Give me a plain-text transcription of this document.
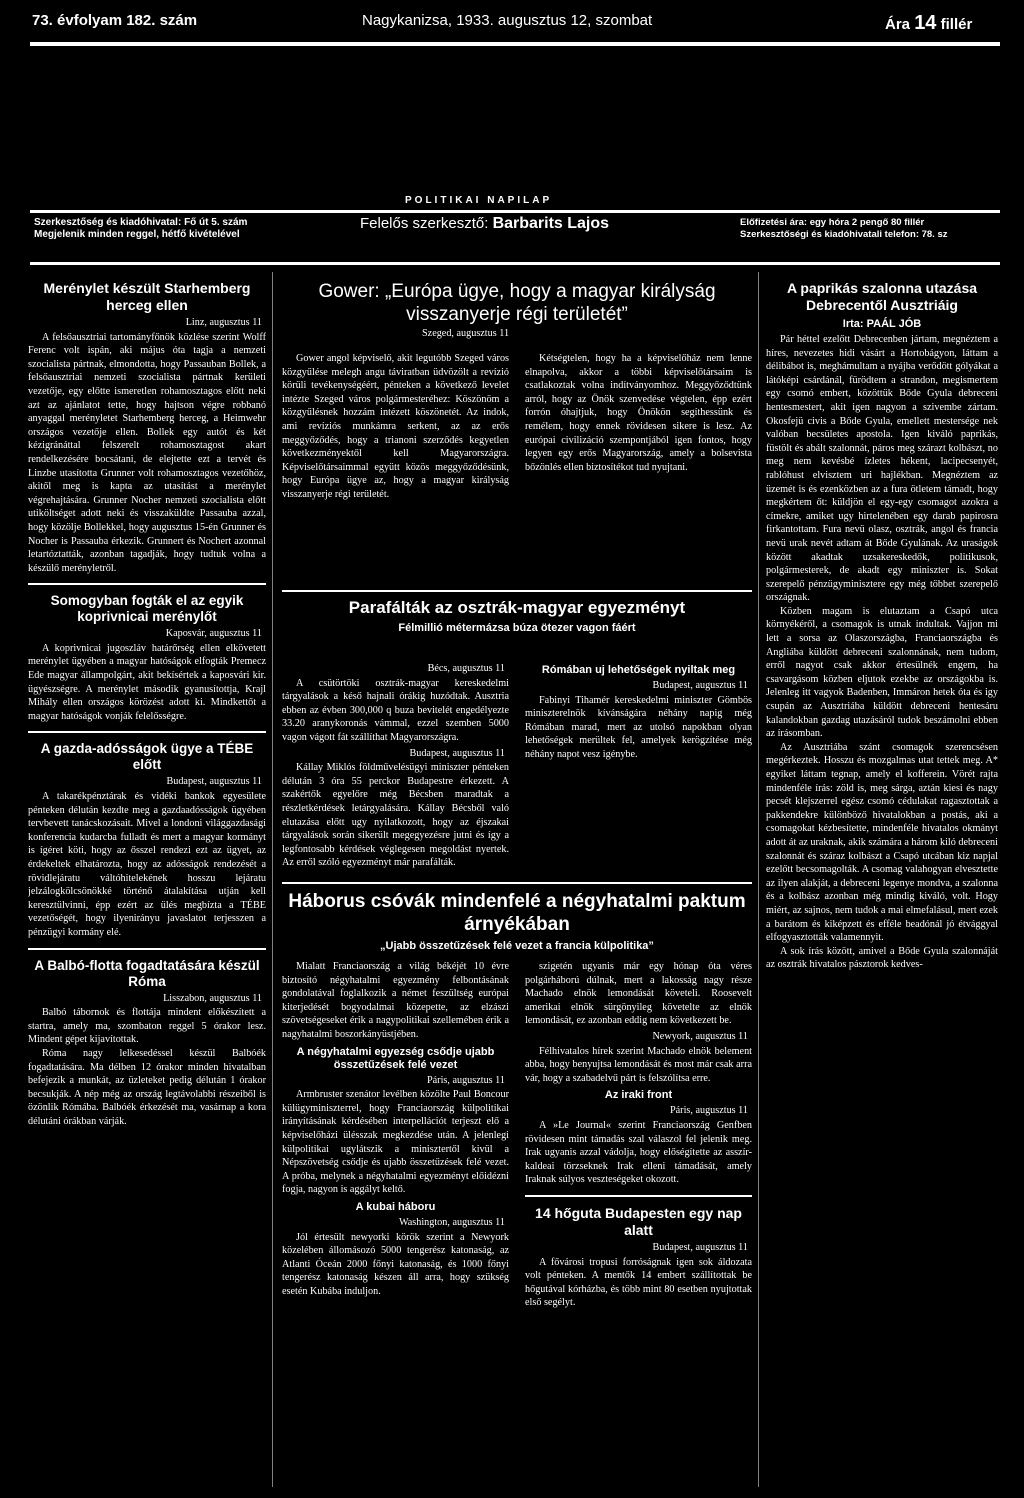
73. évfolyam 182. szám	Nagykanizsa, 1933. augusztus 12, szombat	Ára 14 fillér
POLITIKAI NAPILAP
Szerkesztőség és kiadóhivatal: Fő út 5. szám
Megjelenik minden reggel, hétfő kivételével
Felelős szerkesztő: Barbarits Lajos	Előfizetési ára: egy hóra 2 pengő 80 fillér
Szerkesztőségi és kiadóhivatali telefon: 78. sz
Merénylet készült Starhemberg herceg ellen
Linz, augusztus 11

A felsőausztriai tartományfőnök közlése szerint Wolff Ferenc volt ispán, aki május óta tagja a nemzeti szocialista pártnak, elmondotta, hogy Passauban Bollek, a felsőausztriai nemzeti szocialista pártnak kerületi vezetője, egy előtte ismeretlen rohamosztagos előtt neki azt az ajánlatot tette, hogy hajtson végre robbanó anyaggal merényletet Starhemberg herceg, a Heimwehr országos vezetője ellen. Bollek egy autót és két kézigránáttal felszerelt rohamosztagost akart rendelkezésére bocsátani, de elejtette ezt a tervét és Linzbe utasította Grunner volt rohamosztagos vezetőhöz, akitől meg is kapta az utasítást a merénylet végrehajtására. Grunner Nocher nemzeti szocialista előtt utiköltséget adott neki és visszaküldte Passauba azzal, hogy közölje Bollekkel, hogy augusztus 15-én Grunner és Nocher is Passauba érkezik. Grunnert és Nochert azonnal letartóztatták, azonban tagadják, hogy tudtuk volna a készülő merényletről.

Somogyban fogták el az egyik koprivnicai merénylőt
Kaposvár, augusztus 11

A koprivnicai jugoszláv határőrség ellen elkövetett merénylet ügyében a magyar hatóságok elfogták Premecz Ede magyar állampolgárt, akit bekísértek a kaposvári kir. ügyészségre. A merénylet második gyanusítottja, Krajl Mihály ellen országos körözést adott ki. Mindkettőt a magyar hatóságok vonják felelősségre.

A gazda-adósságok ügye a TÉBE előtt
Budapest, augusztus 11

A takarékpénztárak és vidéki bankok egyesülete pénteken délután kezdte meg a gazdaadósságok ügyében tervbevett tanácskozásait. Mivel a londoni világgazdasági konferencia kudarcba fulladt és mert a magyar kormányt is ígéret köti, hogy az ősszel rendezi ezt az ügyet, az érdekeltek elhatározta, hogy az adósságok rendezését a rövidlejáratu váltóhitelekének hosszu lejáratu jelzálogkölcsönökké történő átalakítása utján kell keresztülvinni, épp ezért az ülés megbízta a TÉBE vezetőségét, hogy ilyenirányu javaslatot terjesszen a pénzügyi kormány elé.

A Balbó-flotta fogadtatására készül Róma
Lisszabon, augusztus 11

Balbó tábornok és flottája mindent előkészített a startra, amely ma, szombaton reggel 5 órakor lesz. Mindent gépet kijavítottak.

Róma nagy lelkesedéssel készül Balbóék fogadtatására. Ma délben 12 órakor minden hivatalban befejezik a munkát, az üzleteket pedig délután 1 órakor becsukják. A nép még az ország legtávolabbi részeiből is özönlik Rómába. Balbóék érkezését ma, vasárnap a kora délutáni órákban várják.

Gower: „Európa ügye, hogy a magyar királyság visszanyerje régi területét”
Szeged, augusztus 11

Gower angol képviselő, akit legutóbb Szeged város közgyűlése melegh angu táviratban üdvözölt a revízió körüli tevékenységéért, pénteken a következő levelet intézte Szeged város polgármesteréhez: Köszönöm a közgyűlésnek hozzám intézett köszönetét. Az indok, ami revíziós munkámra serkent, az az erős meggyőződés, hogy a trianoni szerződés kegyetlen következményektől kell Magyarországra. Képviselőtársaimmal együtt közös meggyőződésünk, hogy Európa ügye az, hogy a magyar királyság visszanyerje régi területét.

Kétségtelen, hogy ha a képviselőház nem lenne elnapolva, akkor a többi képviselőtársaim is csatlakoztak volna indítványomhoz. Meggyőződtünk arról, hogy az Önök szenvedése végtelen, épp ezért forrón óhajtjuk, hogy Önökön segíthessünk és remélem, hogy ennek rövidesen sikere is lesz. Az európai civilizáció szempontjából igen fontos, hogy legyen egy erős Magyarország, amely a bolsevista bőzönlés ellen biztosítékot tud nyujtani.

Parafálták az osztrák-magyar egyezményt
Félmillió métermázsa búza ötezer vagon fáért
Bécs, augusztus 11

A csütörtöki osztrák-magyar kereskedelmi tárgyalások a késő hajnali órákig huzódtak. Ausztria ebben az évben 300,000 q buza bevitelét engedélyezte 33.20 aranykoronás vámmal, ezzel szemben 5000 vagon vágott fát szállíthat Magyarországra.

Budapest, augusztus 11

Kállay Miklós földművelésügyi miniszter pénteken délután 3 óra 55 perckor Budapestre érkezett. A szakértők egyelőre még Bécsben maradtak a részletkérdések letárgyalására. Kállay Bécsből való elutazása előtt ugy nyilatkozott, hogy az éjszakai tárgyalások során sikerült megegyezésre jutni és így a legfontosabb kérdések véglegesen megoldást nyertek. Az erről szóló egyezményt már parafálták.

Rómában uj lehetőségek nyiltak meg
Budapest, augusztus 11

Fabinyi Tihamér kereskedelmi miniszter Gömbös miniszterelnök kívánságára néhány napig még Rómában marad, mert az utolsó napokban olyan lehetőségek merültek fel, amelyek kerögzítése még néhány napot vesz igénybe.

Háborus csóvák mindenfelé a négyhatalmi paktum árnyékában
„Ujabb összetűzések felé vezet a francia külpolitika”

Mialatt Franciaország a világ békéjét 10 évre biztosító négyhatalmi egyezmény felbontásának gondolatával foglalkozik a német feszültség európai kiterjedését bogyodalmai közepette, az elzászi szövetségeseket érik a nagypolitikai szellemében érik a nagyhatalmi boszorkányüstjében.

A négyhatalmi egyezség csődje ujabb összetűzések felé vezet
Páris, augusztus 11

Armbruster szenátor levélben közölte Paul Boncour külügyminiszterrel, hogy Franciaország külpolitikai irányításának kérdésében interpellációt terjeszt elő a képviselőházi ülésszak megkezdése után. A jelenlegi külpolitikai ugylátszik a minisztertől kivül a Népszövetség csődje és ujabb összetűzések felé vezet. A próba, melynek a négyhatalmi egyezményt előidézni fogja, nagyon is aggályt keltő.

A kubai háboru
Washington, augusztus 11

Jól értesült newyorki körök szerint a Newyork közelében állomásozó 5000 tengerész katonaság, az Atlanti Óceán 2000 főnyi katonaság, és 1000 főnyi tengerész katonaság készen áll arra, hogy szükség esetén Kubába induljon.

szigetén ugyanis már egy hónap óta véres polgárháború dúlnak, mert a lakosság nagy része Machado elnök lemondását követeli. Roosevelt amerikai elnök sürgönyileg követelte az elnök lemondását, ez azonban eddig nem következett be.

Newyork, augusztus 11

Félhivatalos hírek szerint Machado elnök belement abba, hogy benyujtsa lemondását és most már csak arra vár, hogy a szabadelvű párt is felszólítsa erre.

Az iraki front
Páris, augusztus 11

A »Le Journal« szerint Franciaország Genfben rövidesen mint támadás szal válaszol fel jelenik meg. Irak ugyanis azzal vádolja, hogy előségítette az asszír-kaldeai törzseknek Irak elleni támadását, amely Iraknak súlyos veszteségeket okozott.

14 hőguta Budapesten egy nap alatt
Budapest, augusztus 11

A fővárosi tropusi forróságnak igen sok áldozata volt pénteken. A mentők 14 embert szállítottak be hőgutával kórházba, és több mint 80 esetben nyujtottak első segélyt.

A paprikás szalonna utazása Debrecentől Ausztriáig
Irta: PAÁL JÓB

Pár héttel ezelőtt Debrecenben jártam, megnéztem a híres, nevezetes hidi vásárt a Hortobágyon, láttam a délibábot is, meghámultam a nyájba verődött gólyákat a látóképi csárdánál, fürödtem a strandon, megismertem egy csomó embert, közöttük Bőde Gyula debreceni hentesmestert, akit igen nagyon a szivembe zártam. Okosfejü civis a Bőde Gyula, emellett mestersége nek valóban becsületes apostola. Igen kiváló paprikás, füstölt és abált szalonnát, páros meg szárazt kolbászt, no meg nem kevésbé ízletes hékent, lacipecsenyét, rablóhust elvisztem uri hajlékban. Megnéztem az üzemét is és ezenközben az a fura ötletem támadt, hogy megkértem őt: küldjön el egy-egy csomagot azokra a címekre, amiket ugy hirtelenében egy darab papirosra firkantottam. Fura nevü olasz, osztrák, angol és francia nevü urak nevét adtam át Bőde Gyulának. Az uraságok között akadtak uzsakereskedők, politikusok, polgármesterek, de akadt egy miniszter is. Sokat szerepelő pénzügyminisztere egy még többet szerepelő országnak.

Közben magam is elutaztam a Csapó utca környékéről, a csomagok is utnak indultak. Vajjon mi lett a sorsa az Olaszországba, Franciaországba és Angliába küldött debreceni szalonnának, nem tudom, erről nagyot csak akkor értesülnék engem, ha csavargásom közben eljutok ezekbe az országokba is. Jelenleg itt vagyok Badenben, Immáron hetek óta és igy csupán az Ausztriába küldött debreceni hentesáru kalandokban gazdag utazásáról tudok beszámolni ebben az írásomban.

Az Ausztriába szánt csomagok szerencsésen megérkeztek. Hosszu és mozgalmas utat tettek meg. A* egyiket láttam tegnap, amely el kofferein. Vörét rajta mindenféle írás: zöld is, meg sárga, aztán kiesi és nagy pecsét klejszerrel egész csomó cédulakat ragasztottak a pakkendekre különböző hivatalokban a postás, aki a csomagokat kézbesítette, mindenféle hivatalos okmányt adott át az uraknak, akik számára a három kiló debreceni szalonnát és száraz kolbászt a Csapó utcában kiz napjal ezelőtt becsomagolták. A csomag valahogyan elvesztette az ilyen alakját, a debreceni legenye mondva, a szalonna és a kolbász azonban még mindig kiváló, volt. Hogy miért, az sajnos, nem tudok a mai elmefalásul, mert ezek a barátom és kiképzett és efféle beadónál jó étvággyal elfogyasztották valamennyit.

A sok írás között, amivel a Bőde Gyula szalonnáját az osztrák hivatalos pásztorok kedves-
